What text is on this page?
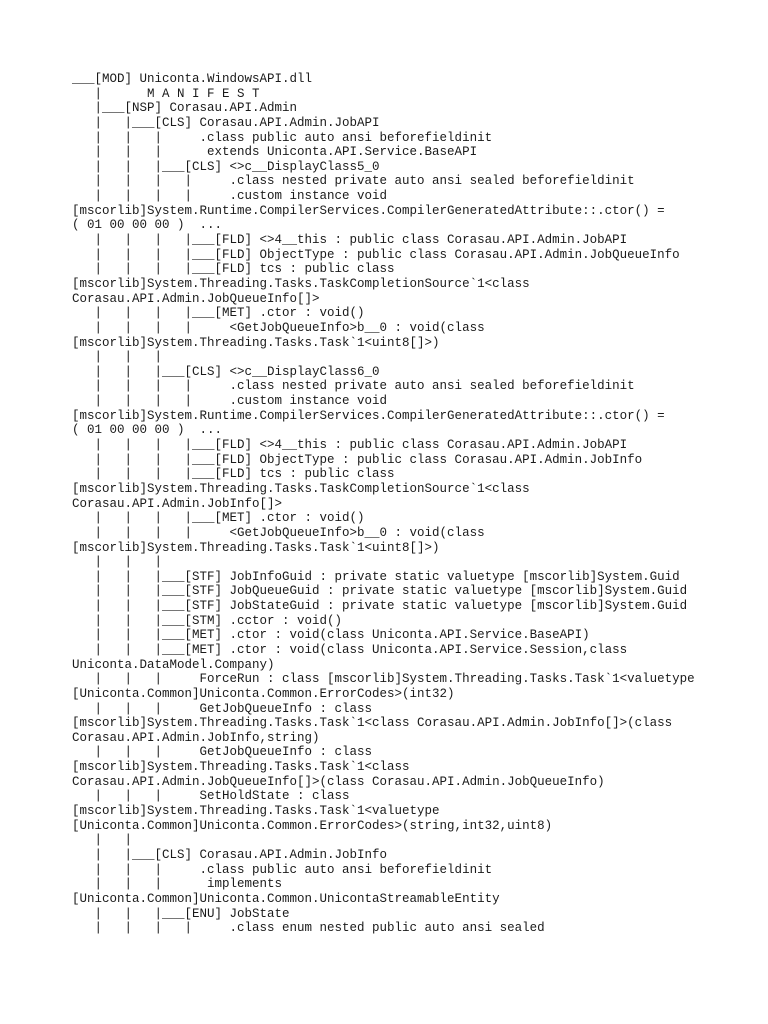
___[MOD] Uniconta.WindowsAPI.dll
|      M A N I F E S T
|___[NSP] Corasau.API.Admin
|   |___[CLS] Corasau.API.Admin.JobAPI
|   |   |     .class public auto ansi beforefieldinit
|   |   |      extends Uniconta.API.Service.BaseAPI
|   |   |___[CLS] <>c__DisplayClass5_0
|   |   |   |     .class nested private auto ansi sealed beforefieldinit
|   |   |   |     .custom instance void
[mscorlib]System.Runtime.CompilerServices.CompilerGeneratedAttribute::.ctor() =
( 01 00 00 00 )  ...
|   |   |   |___[FLD] <>4__this : public class Corasau.API.Admin.JobAPI
|   |   |   |___[FLD] ObjectType : public class Corasau.API.Admin.JobQueueInfo
|   |   |   |___[FLD] tcs : public class
[mscorlib]System.Threading.Tasks.TaskCompletionSource`1<class
Corasau.API.Admin.JobQueueInfo[]>
|   |   |   |___[MET] .ctor : void()
|   |   |   |     <GetJobQueueInfo>b__0 : void(class
[mscorlib]System.Threading.Tasks.Task`1<uint8[]>)
|   |   |
|   |   |___[CLS] <>c__DisplayClass6_0
|   |   |   |     .class nested private auto ansi sealed beforefieldinit
|   |   |   |     .custom instance void
[mscorlib]System.Runtime.CompilerServices.CompilerGeneratedAttribute::.ctor() =
( 01 00 00 00 )  ...
|   |   |   |___[FLD] <>4__this : public class Corasau.API.Admin.JobAPI
|   |   |   |___[FLD] ObjectType : public class Corasau.API.Admin.JobInfo
|   |   |   |___[FLD] tcs : public class
[mscorlib]System.Threading.Tasks.TaskCompletionSource`1<class
Corasau.API.Admin.JobInfo[]>
|   |   |   |___[MET] .ctor : void()
|   |   |   |     <GetJobQueueInfo>b__0 : void(class
[mscorlib]System.Threading.Tasks.Task`1<uint8[]>)
|   |   |
|   |   |___[STF] JobInfoGuid : private static valuetype [mscorlib]System.Guid
|   |   |___[STF] JobQueueGuid : private static valuetype [mscorlib]System.Guid
|   |   |___[STF] JobStateGuid : private static valuetype [mscorlib]System.Guid
|   |   |___[STM] .cctor : void()
|   |   |___[MET] .ctor : void(class Uniconta.API.Service.BaseAPI)
|   |   |___[MET] .ctor : void(class Uniconta.API.Service.Session,class
Uniconta.DataModel.Company)
|   |   |     ForceRun : class [mscorlib]System.Threading.Tasks.Task`1<valuetype
[Uniconta.Common]Uniconta.Common.ErrorCodes>(int32)
|   |   |     GetJobQueueInfo : class
[mscorlib]System.Threading.Tasks.Task`1<class Corasau.API.Admin.JobInfo[]>(class
Corasau.API.Admin.JobInfo,string)
|   |   |     GetJobQueueInfo : class
[mscorlib]System.Threading.Tasks.Task`1<class
Corasau.API.Admin.JobQueueInfo[]>(class Corasau.API.Admin.JobQueueInfo)
|   |   |     SetHoldState : class
[mscorlib]System.Threading.Tasks.Task`1<valuetype
[Uniconta.Common]Uniconta.Common.ErrorCodes>(string,int32,uint8)
|   |
|   |___[CLS] Corasau.API.Admin.JobInfo
|   |   |     .class public auto ansi beforefieldinit
|   |   |      implements
[Uniconta.Common]Uniconta.Common.UnicontaStreamableEntity
|   |   |___[ENU] JobState
|   |   |   |     .class enum nested public auto ansi sealed
